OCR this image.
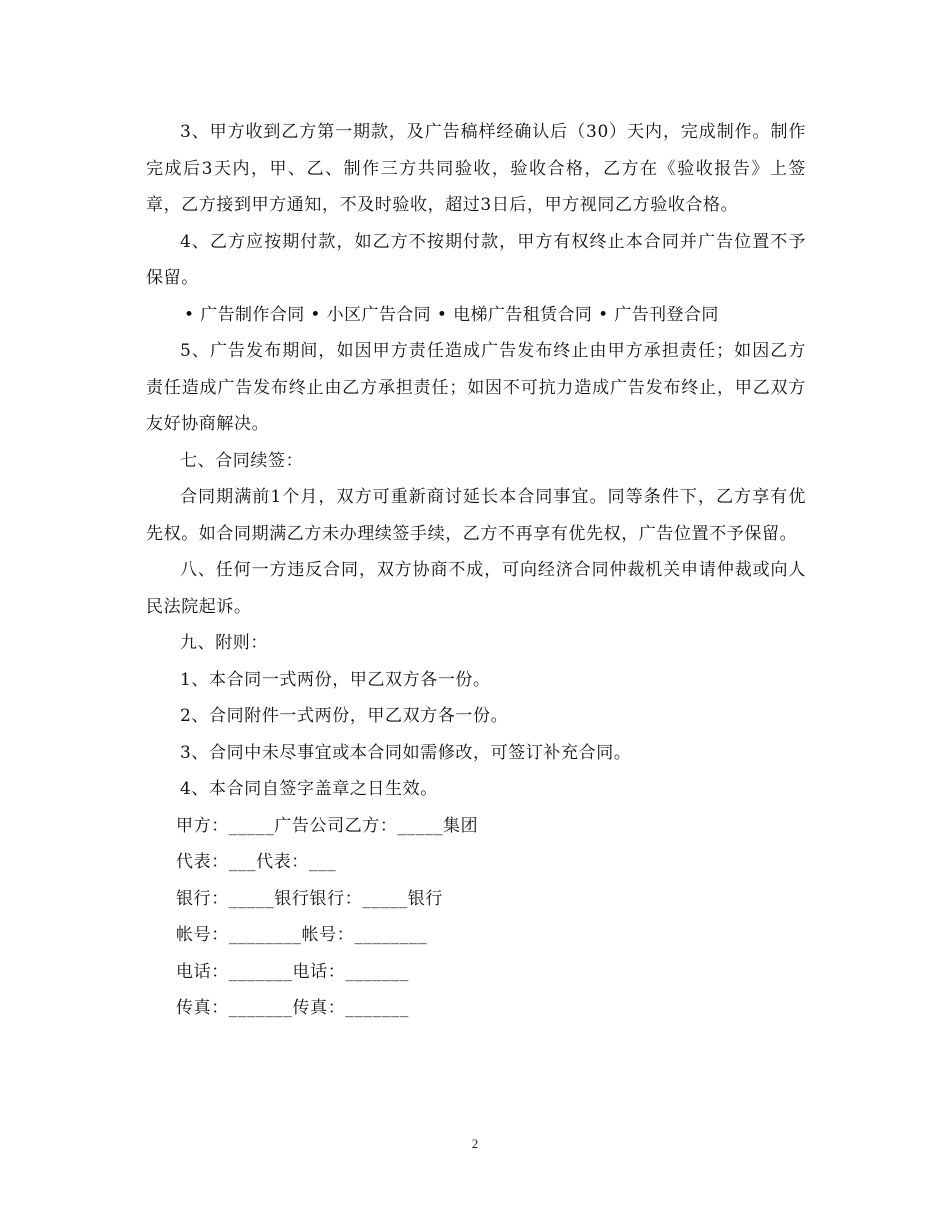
3、甲方收到乙方第一期款，及广告稿样经确认后（30）天内，完成制作。制作完成后3天内，甲、乙、制作三方共同验收，验收合格，乙方在《验收报告》上签章，乙方接到甲方通知，不及时验收，超过3日后，甲方视同乙方验收合格。

4、乙方应按期付款，如乙方不按期付款，甲方有权终止本合同并广告位置不予保留。

• 广告制作合同 • 小区广告合同 • 电梯广告租赁合同 • 广告刊登合同

5、广告发布期间，如因甲方责任造成广告发布终止由甲方承担责任；如因乙方责任造成广告发布终止由乙方承担责任；如因不可抗力造成广告发布终止，甲乙双方友好协商解决。

七、合同续签：

合同期满前1个月，双方可重新商讨延长本合同事宜。同等条件下，乙方享有优先权。如合同期满乙方未办理续签手续，乙方不再享有优先权，广告位置不予保留。

八、任何一方违反合同，双方协商不成，可向经济合同仲裁机关申请仲裁或向人民法院起诉。

九、附则：

1、本合同一式两份，甲乙双方各一份。

2、合同附件一式两份，甲乙双方各一份。

3、合同中未尽事宜或本合同如需修改，可签订补充合同。

4、本合同自签字盖章之日生效。

甲方：_____广告公司乙方：_____集团

代表：___代表：___

银行：_____银行银行：_____银行

帐号：________帐号：________

电话：_______电话：_______

传真：_______传真：_______

2
